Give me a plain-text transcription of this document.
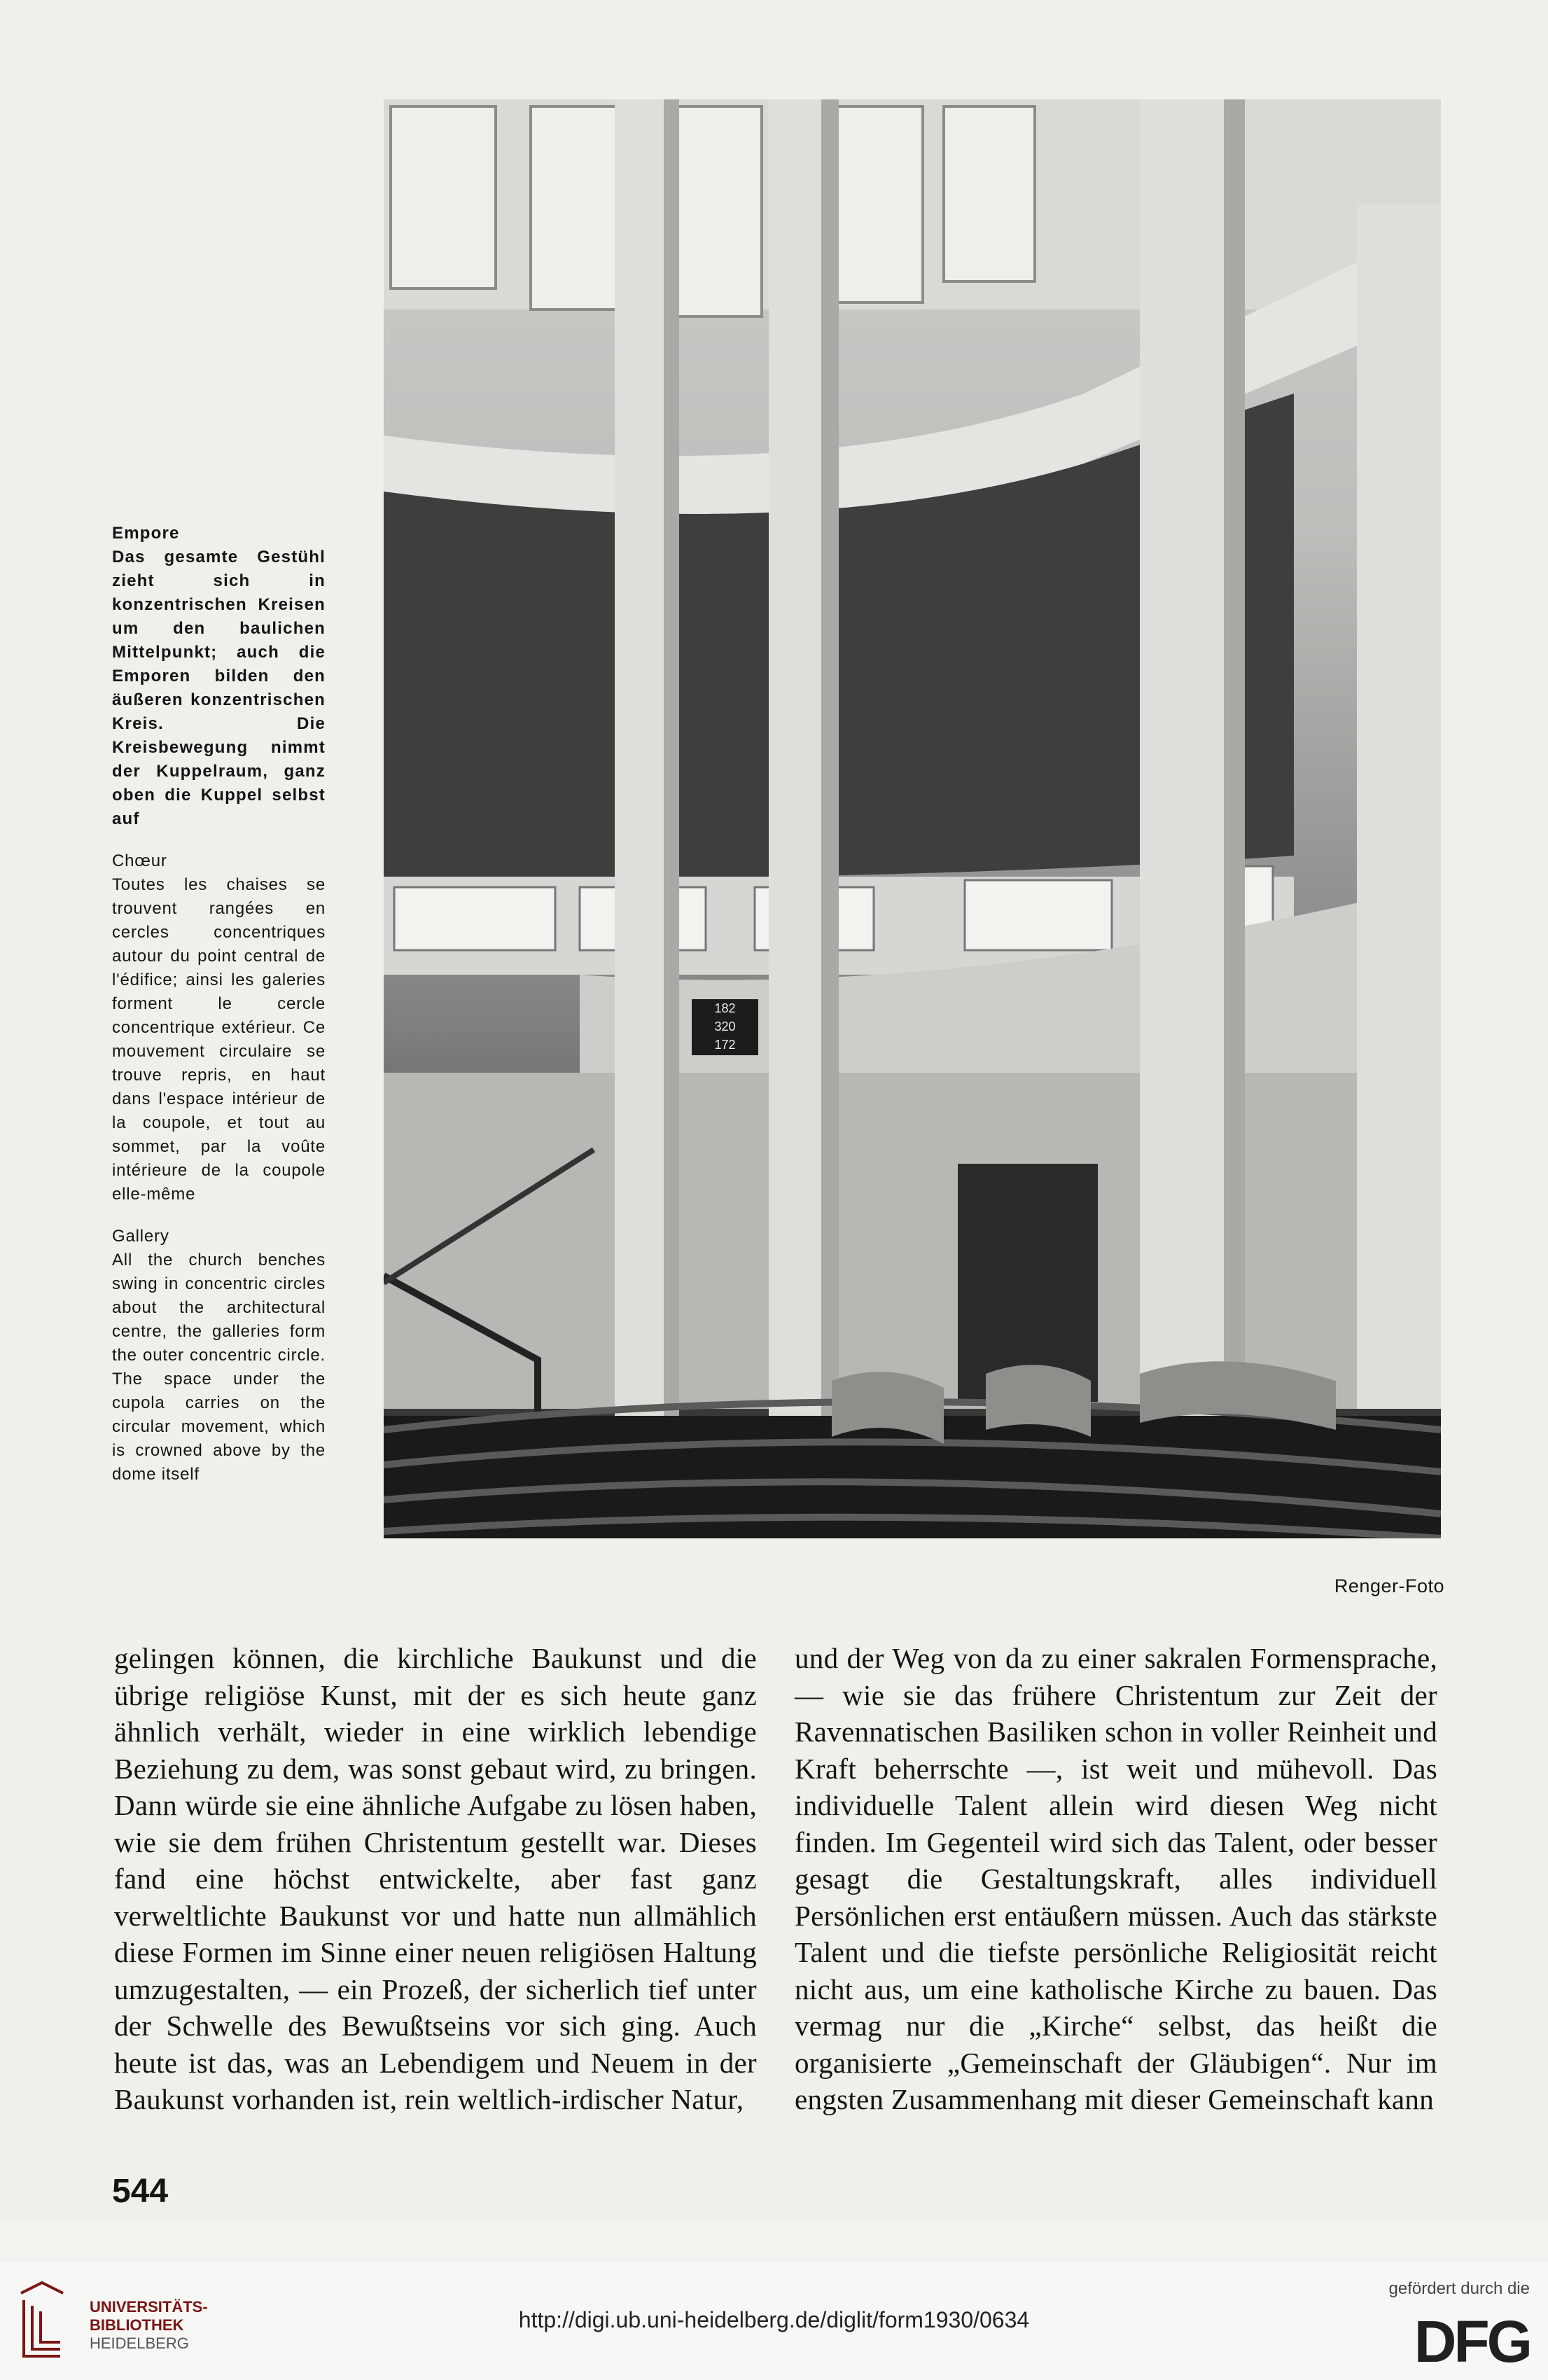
182
320
172
Renger-Foto
Empore
Das gesamte Gestühl zieht sich in konzentrischen Kreisen um den baulichen Mittelpunkt; auch die Emporen bilden den äußeren konzentrischen Kreis. Die Kreisbewegung nimmt der Kuppelraum, ganz oben die Kuppel selbst auf
Chœur
Toutes les chaises se trouvent rangées en cercles concentriques autour du point central de l'édifice; ainsi les galeries forment le cercle concentrique extérieur. Ce mouvement circulaire se trouve repris, en haut dans l'espace intérieur de la coupole, et tout au sommet, par la voûte intérieure de la coupole elle-même
Gallery
All the church benches swing in concentric circles about the architectural centre, the galleries form the outer concentric circle. The space under the cupola carries on the circular movement, which is crowned above by the dome itself
gelingen können, die kirchliche Baukunst und die übrige religiöse Kunst, mit der es sich heute ganz ähnlich verhält, wieder in eine wirklich lebendige Beziehung zu dem, was sonst gebaut wird, zu bringen. Dann würde sie eine ähnliche Aufgabe zu lösen haben, wie sie dem frühen Christentum gestellt war. Dieses fand eine höchst entwickelte, aber fast ganz verweltlichte Baukunst vor und hatte nun allmählich diese Formen im Sinne einer neuen religiösen Haltung umzugestalten, — ein Prozeß, der sicherlich tief unter der Schwelle des Bewußtseins vor sich ging. Auch heute ist das, was an Lebendigem und Neuem in der Baukunst vorhanden ist, rein weltlich-irdischer Natur,
und der Weg von da zu einer sakralen Formensprache, — wie sie das frühere Christentum zur Zeit der Ravennatischen Basiliken schon in voller Reinheit und Kraft beherrschte —, ist weit und mühevoll. Das individuelle Talent allein wird diesen Weg nicht finden. Im Gegenteil wird sich das Talent, oder besser gesagt die Gestaltungskraft, alles individuell Persönlichen erst entäußern müssen. Auch das stärkste Talent und die tiefste persönliche Religiosität reicht nicht aus, um eine katholische Kirche zu bauen. Das vermag nur die „Kirche“ selbst, das heißt die organisierte „Gemeinschaft der Gläubigen“. Nur im engsten Zusammenhang mit dieser Gemeinschaft kann
544
UNIVERSITÄTS-
BIBLIOTHEK
HEIDELBERG
http://digi.ub.uni-heidelberg.de/diglit/form1930/0634
gefördert durch die
DFG
